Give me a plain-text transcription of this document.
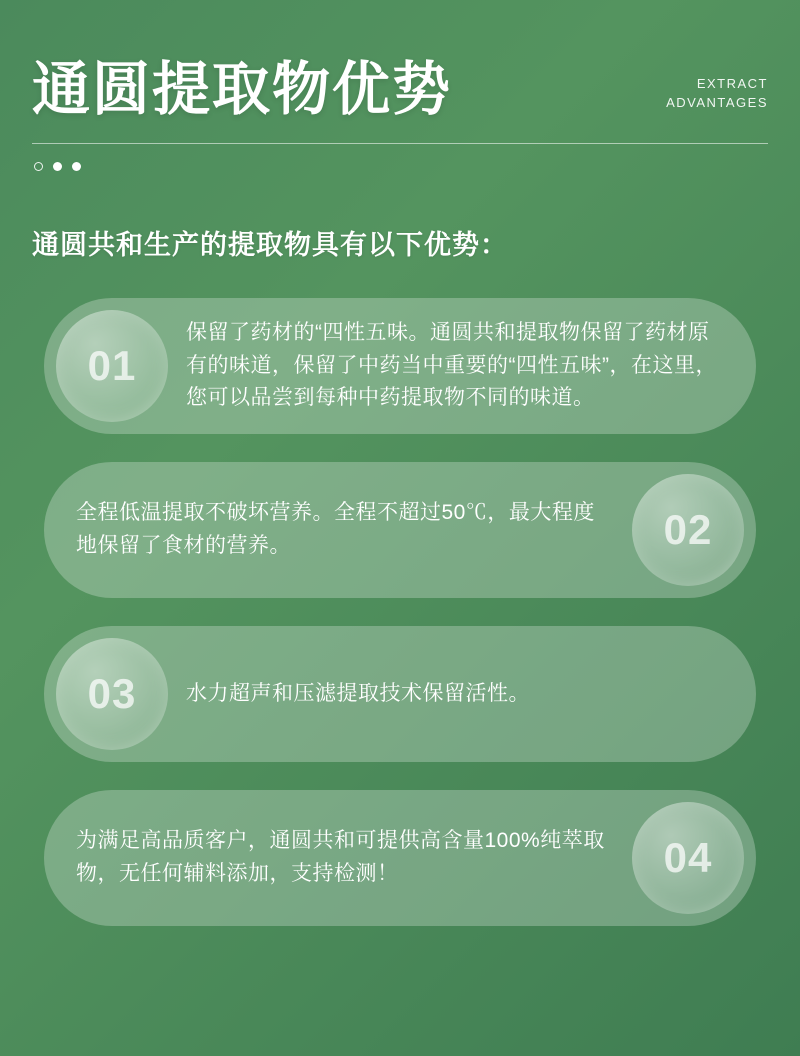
通圆提取物优势	EXTRACT
ADVANTAGES
通圆共和生产的提取物具有以下优势：
01
保留了药材的“四性五味。通圆共和提取物保留了药材原有的味道，保留了中药当中重要的“四性五味”，在这里，您可以品尝到每种中药提取物不同的味道。
02
全程低温提取不破坏营养。全程不超过50℃，最大程度地保留了食材的营养。
03	水力超声和压滤提取技术保留活性。
04
为满足高品质客户，通圆共和可提供高含量100%纯萃取物，无任何辅料添加，支持检测！
